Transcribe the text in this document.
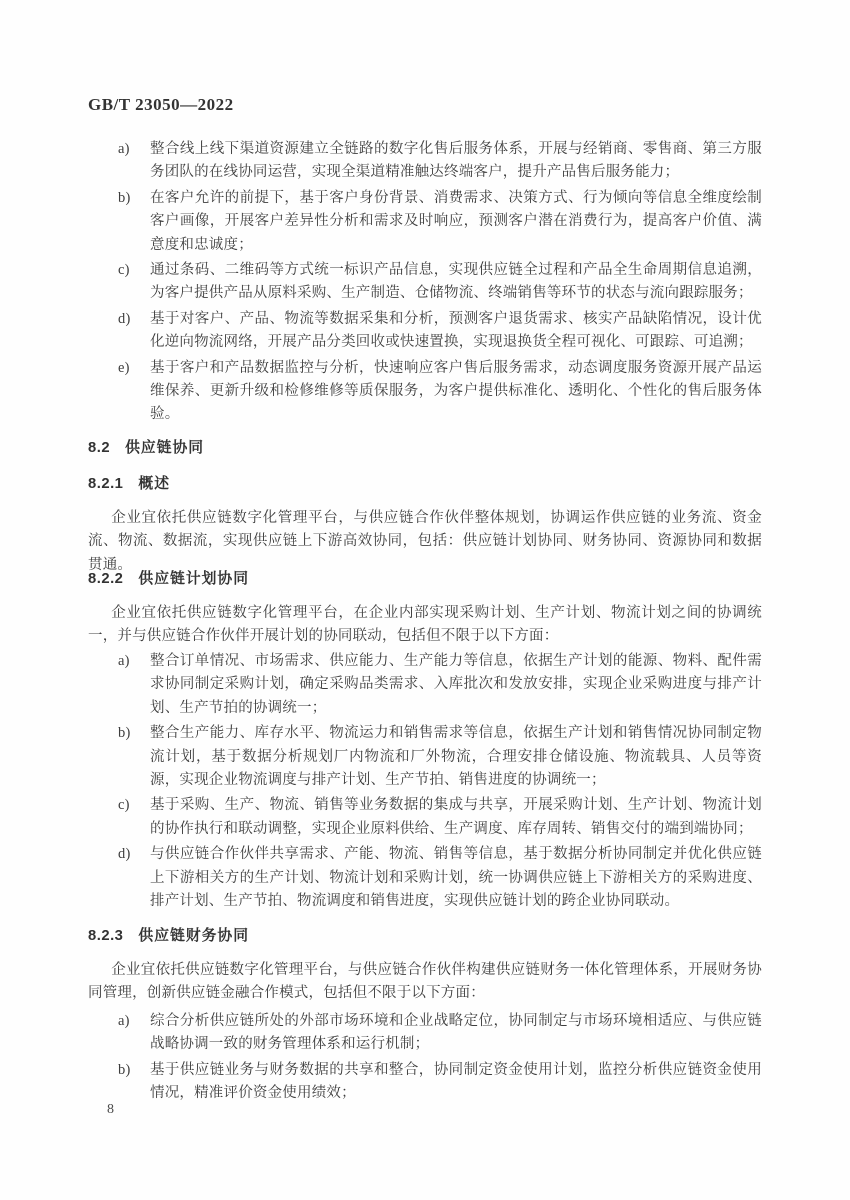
GB/T 23050—2022
a) 整合线上线下渠道资源建立全链路的数字化售后服务体系，开展与经销商、零售商、第三方服务团队的在线协同运营，实现全渠道精准触达终端客户，提升产品售后服务能力；
b) 在客户允许的前提下，基于客户身份背景、消费需求、决策方式、行为倾向等信息全维度绘制客户画像，开展客户差异性分析和需求及时响应，预测客户潜在消费行为，提高客户价值、满意度和忠诚度；
c) 通过条码、二维码等方式统一标识产品信息，实现供应链全过程和产品全生命周期信息追溯，为客户提供产品从原料采购、生产制造、仓储物流、终端销售等环节的状态与流向跟踪服务；
d) 基于对客户、产品、物流等数据采集和分析，预测客户退货需求、核实产品缺陷情况，设计优化逆向物流网络，开展产品分类回收或快速置换，实现退换货全程可视化、可跟踪、可追溯；
e) 基于客户和产品数据监控与分析，快速响应客户售后服务需求，动态调度服务资源开展产品运维保养、更新升级和检修维修等质保服务，为客户提供标准化、透明化、个性化的售后服务体验。
8.2 供应链协同
8.2.1 概述
企业宜依托供应链数字化管理平台，与供应链合作伙伴整体规划，协调运作供应链的业务流、资金流、物流、数据流，实现供应链上下游高效协同，包括：供应链计划协同、财务协同、资源协同和数据贯通。
8.2.2 供应链计划协同
企业宜依托供应链数字化管理平台，在企业内部实现采购计划、生产计划、物流计划之间的协调统一，并与供应链合作伙伴开展计划的协同联动，包括但不限于以下方面：
a) 整合订单情况、市场需求、供应能力、生产能力等信息，依据生产计划的能源、物料、配件需求协同制定采购计划，确定采购品类需求、入库批次和发放安排，实现企业采购进度与排产计划、生产节拍的协调统一；
b) 整合生产能力、库存水平、物流运力和销售需求等信息，依据生产计划和销售情况协同制定物流计划，基于数据分析规划厂内物流和厂外物流，合理安排仓储设施、物流载具、人员等资源，实现企业物流调度与排产计划、生产节拍、销售进度的协调统一；
c) 基于采购、生产、物流、销售等业务数据的集成与共享，开展采购计划、生产计划、物流计划的协作执行和联动调整，实现企业原料供给、生产调度、库存周转、销售交付的端到端协同；
d) 与供应链合作伙伴共享需求、产能、物流、销售等信息，基于数据分析协同制定并优化供应链上下游相关方的生产计划、物流计划和采购计划，统一协调供应链上下游相关方的采购进度、排产计划、生产节拍、物流调度和销售进度，实现供应链计划的跨企业协同联动。
8.2.3 供应链财务协同
企业宜依托供应链数字化管理平台，与供应链合作伙伴构建供应链财务一体化管理体系，开展财务协同管理，创新供应链金融合作模式，包括但不限于以下方面：
a) 综合分析供应链所处的外部市场环境和企业战略定位，协同制定与市场环境相适应、与供应链战略协调一致的财务管理体系和运行机制；
b) 基于供应链业务与财务数据的共享和整合，协同制定资金使用计划，监控分析供应链资金使用情况，精准评价资金使用绩效；
8
